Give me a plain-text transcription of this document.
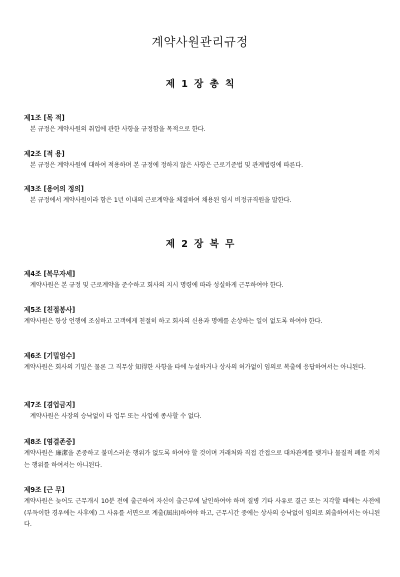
계약사원관리규정
제 1 장 총 칙
제1조 [목 적]
본 규정은 계약사원의 취업에 관한 사항을 규정함을 목적으로 한다.
제2조 [적 용]
본 규정은 계약사원에 대하여 적용하며 본 규정에 정하지 않은 사항은 근로기준법 및 관계법령에 따른다.
제3조 [용어의 정의]
본 규정에서 계약사원이라 함은 1년 이내의 근로계약을 체결하여 채용된 임시 비정규직원을 말한다.
제 2 장 복 무
제4조 [복무자세]
계약사원은 본 규정 및 근로계약을 준수하고 회사의 지시 명령에 따라 성실하게 근무하여야 한다.
제5조 [친절봉사]
계약사원은 항상 언행에 조심하고 고객에게 친절히 하고 회사의 신용과 명예를 손상하는 일이 없도록 하여야 한다.
제6조 [기밀엄수]
계약사원은 회사의 기밀은 물론 그 직무상 知得한 사항을 타에 누설하거나 상사의 허가없이 임의로 복출에 응답하여서는 아니된다.
제7조 [겸업금지]
계약사원은 사장의 승낙없이 타 업무 또는 사업에 종사할 수 없다.
제8조 [염결존중]
계약사원은 廉潔을 존중하고 불미스러운 행위가 없도록 하여야 할 것이며 거래처와 직접 간접으로 대차관계를 맺거나 물질적 폐를 끼치는 행위를 하여서는 아니된다.
제9조 [근 무]
계약사원은 늦어도 근무개시 10분 전에 출근하여 자신이 출근부에 날인하여야 하며 질병 기타 사유로 결근 또는 지각할 때에는 사전에 (부득이한 경우에는 사후에) 그 사유를 서면으로 계출(屆出)하여야 하고, 근무시간 중에는 상사의 승낙없이 임의로 외출하여서는 아니된다.
